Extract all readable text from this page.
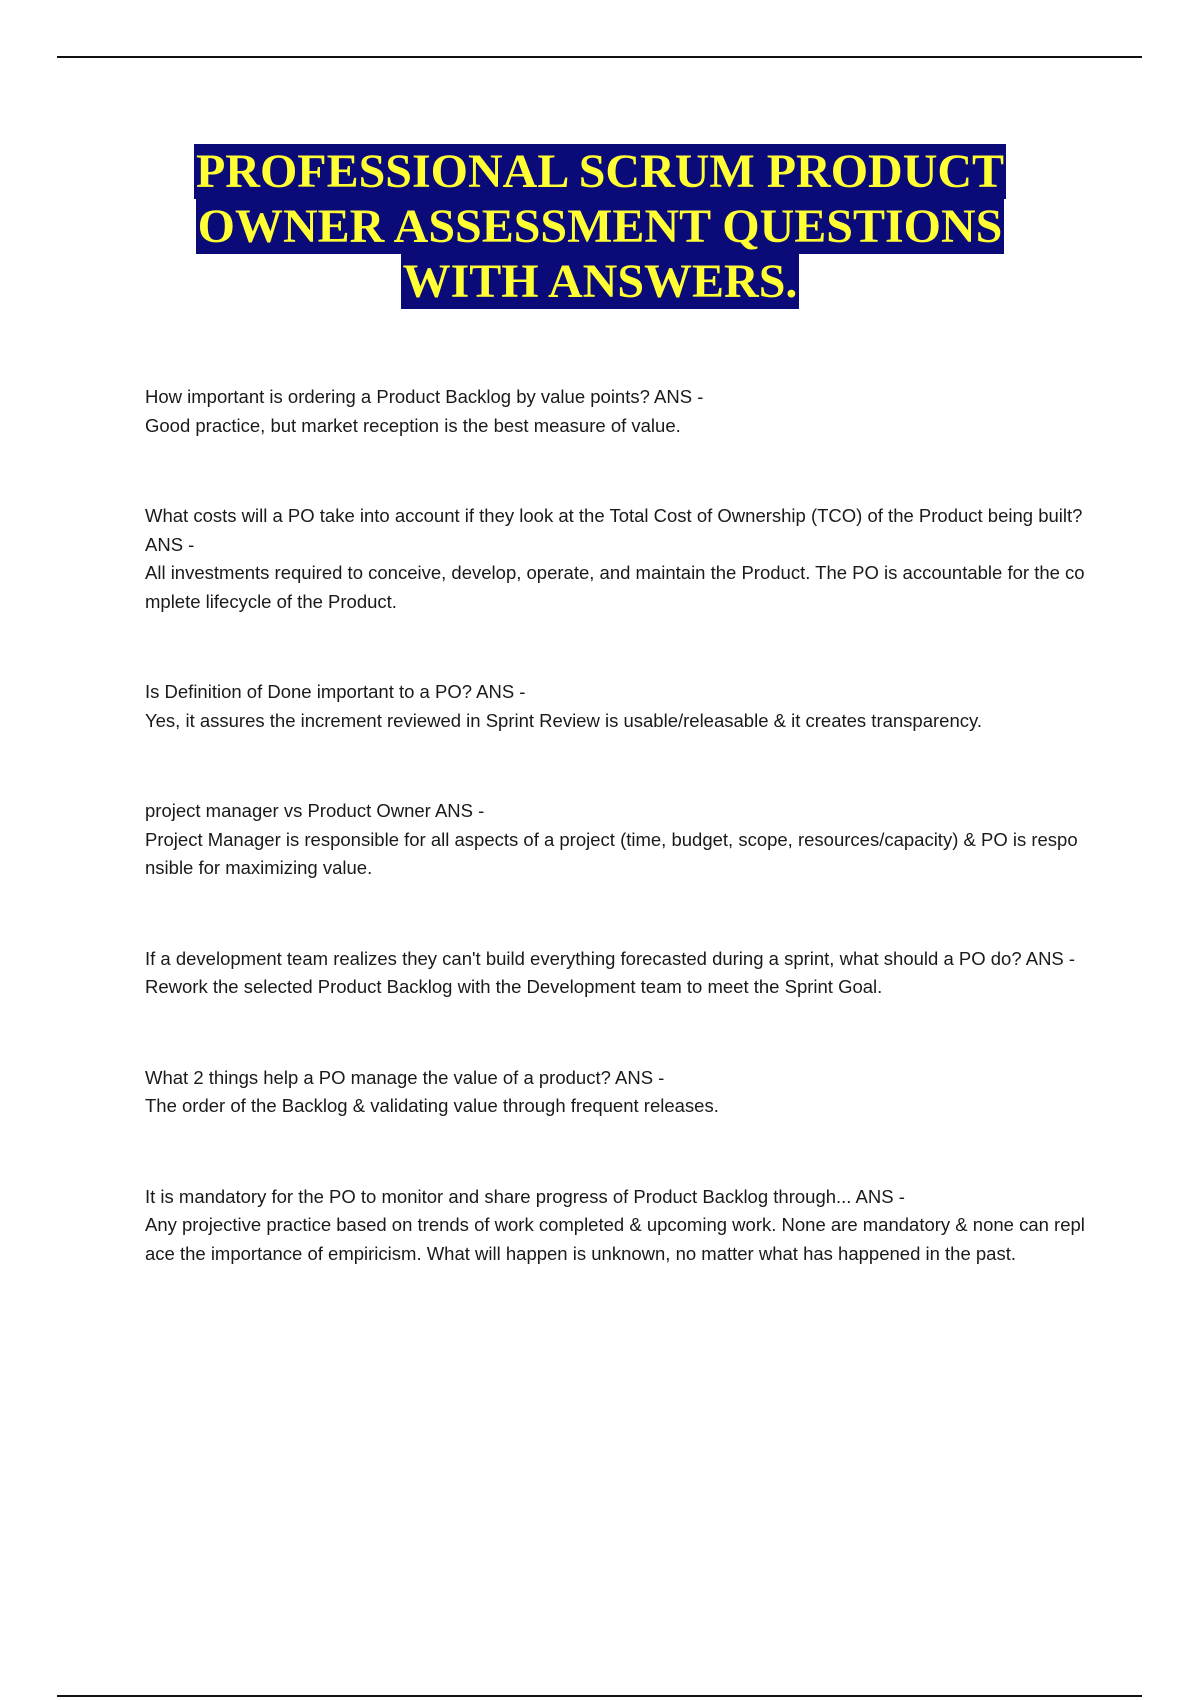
PROFESSIONAL SCRUM PRODUCT
OWNER ASSESSMENT QUESTIONS
WITH ANSWERS.

How important is ordering a Product Backlog by value points? ANS -
Good practice, but market reception is the best measure of value.

What costs will a PO take into account if they look at the Total Cost of Ownership (TCO) of the Product being built? ANS -
All investments required to conceive, develop, operate, and maintain the Product. The PO is accountable for the complete lifecycle of the Product.

Is Definition of Done important to a PO? ANS -
Yes, it assures the increment reviewed in Sprint Review is usable/releasable & it creates transparency.

project manager vs Product Owner ANS -
Project Manager is responsible for all aspects of a project (time, budget, scope, resources/capacity) & PO is responsible for maximizing value.

If a development team realizes they can't build everything forecasted during a sprint, what should a PO do? ANS -Rework the selected Product Backlog with the Development team to meet the Sprint Goal.

What 2 things help a PO manage the value of a product? ANS -
The order of the Backlog & validating value through frequent releases.

It is mandatory for the PO to monitor and share progress of Product Backlog through... ANS -
Any projective practice based on trends of work completed & upcoming work. None are mandatory & none can replace the importance of empiricism. What will happen is unknown, no matter what has happened in the past.
